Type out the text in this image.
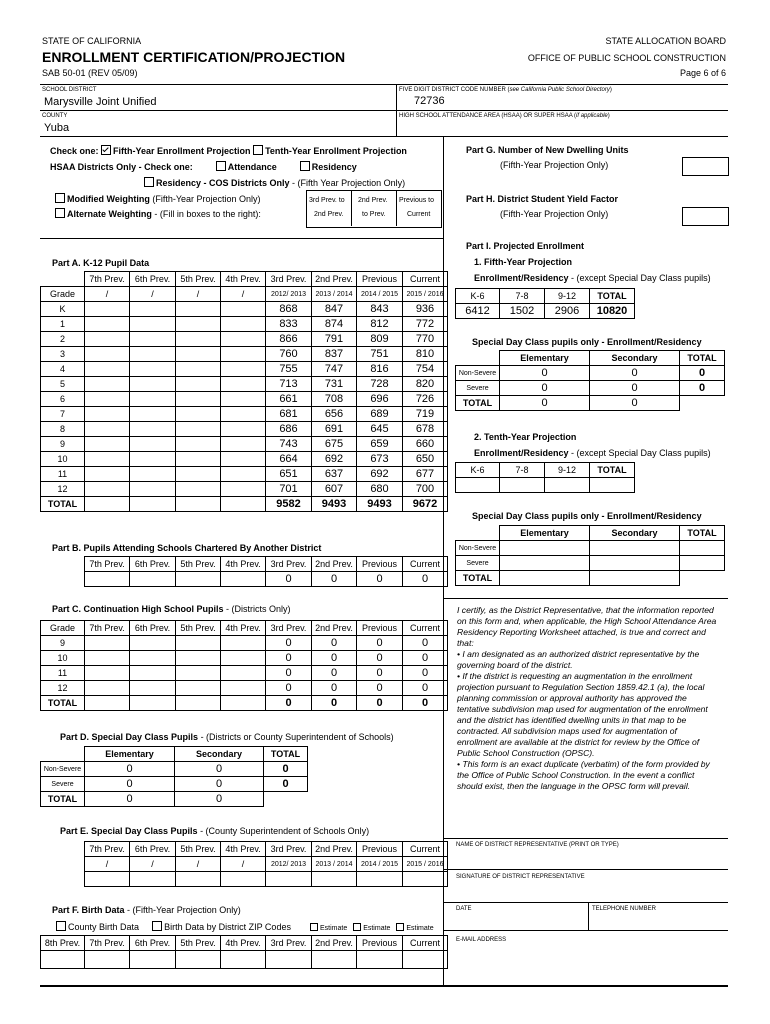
STATE OF CALIFORNIA
ENROLLMENT CERTIFICATION/PROJECTION
SAB 50-01 (REV 05/09)
STATE ALLOCATION BOARD
OFFICE OF PUBLIC SCHOOL CONSTRUCTION
Page 6 of 6
SCHOOL DISTRICT
Marysville Joint Unified
FIVE DIGIT DISTRICT CODE NUMBER (see California Public School Directory)
72736
COUNTY
Yuba
HIGH SCHOOL ATTENDANCE AREA (HSAA) OR SUPER HSAA (if applicable)
Check one: Fifth-Year Enrollment Projection Tenth-Year Enrollment Projection
HSAA Districts Only - Check one:	Attendance	Residency
Residency - COS Districts Only - (Fifth Year Projection Only)
Modified Weighting (Fifth-Year Projection Only)
Alternate Weighting - (Fill in boxes to the right):
3rd Prev. to
2nd Prev.
2nd Prev.
to Prev.
Previous to
Current
Part A. K-12 Pupil Data
	7th Prev.	6th Prev.	5th Prev.	4th Prev.	3rd Prev.	2nd Prev.	Previous	Current
Grade	/	/	/	/	2012/ 2013	2013 / 2014	2014 / 2015	2015 / 2016
K					868	847	843	936
1					833	874	812	772
2					866	791	809	770
3					760	837	751	810
4					755	747	816	754
5					713	731	728	820
6					661	708	696	726
7					681	656	689	719
8					686	691	645	678
9					743	675	659	660
10					664	692	673	650
11					651	637	692	677
12					701	607	680	700
TOTAL					9582	9493	9493	9672
Part B. Pupils Attending Schools Chartered By Another District
7th Prev.	6th Prev.	5th Prev.	4th Prev.	3rd Prev.	2nd Prev.	Previous	Current
				0	0	0	0
Part C. Continuation High School Pupils - (Districts Only)
Grade	7th Prev.	6th Prev.	5th Prev.	4th Prev.	3rd Prev.	2nd Prev.	Previous	Current
9					0	0	0	0
10					0	0	0	0
11					0	0	0	0
12					0	0	0	0
TOTAL					0	0	0	0
Part D. Special Day Class Pupils - (Districts or County Superintendent of Schools)
	Elementary	Secondary	TOTAL
Non-Severe	0	0	0
Severe	0	0	0
TOTAL	0	0	
Part E. Special Day Class Pupils - (County Superintendent of Schools Only)
7th Prev.	6th Prev.	5th Prev.	4th Prev.	3rd Prev.	2nd Prev.	Previous	Current
/	/	/	/	2012/ 2013	2013 / 2014	2014 / 2015	2015 / 2016

Part F. Birth Data - (Fifth-Year Projection Only)
County Birth Data	Birth Data by District ZIP Codes	Estimate Estimate Estimate
8th Prev.	7th Prev.	6th Prev.	5th Prev.	4th Prev.	3rd Prev.	2nd Prev.	Previous	Current

Part G. Number of New Dwelling Units
(Fifth-Year Projection Only)
Part H. District Student Yield Factor
(Fifth-Year Projection Only)
Part I. Projected Enrollment
1. Fifth-Year Projection
Enrollment/Residency - (except Special Day Class pupils)
K-6	7-8	9-12	TOTAL
6412	1502	2906	10820
Special Day Class pupils only - Enrollment/Residency
	Elementary	Secondary	TOTAL
Non-Severe	0	0	0
Severe	0	0	0
TOTAL	0	0	
2. Tenth-Year Projection
Enrollment/Residency - (except Special Day Class pupils)
K-6	7-8	9-12	TOTAL

Special Day Class pupils only - Enrollment/Residency
	Elementary	Secondary	TOTAL
Non-Severe			
Severe			
TOTAL			
I certify, as the District Representative, that the information reported on this form and, when applicable, the High School Attendance Area Residency Reporting Worksheet attached, is true and correct and that:
• I am designated as an authorized district representative by the governing board of the district.
• If the district is requesting an augmentation in the enrollment projection pursuant to Regulation Section 1859.42.1 (a), the local planning commission or approval authority has approved the tentative subdivision map used for augmentation of the enrollment and the district has identified dwelling units in that map to be contracted. All subdivision maps used for augmentation of enrollment are available at the district for review by the Office of Public School Construction (OPSC).
• This form is an exact duplicate (verbatim) of the form provided by the Office of Public School Construction. In the event a conflict should exist, then the language in the OPSC form will prevail.
NAME OF DISTRICT REPRESENTATIVE (PRINT OR TYPE)
SIGNATURE OF DISTRICT REPRESENTATIVE
DATE	TELEPHONE NUMBER
E-MAIL ADDRESS
